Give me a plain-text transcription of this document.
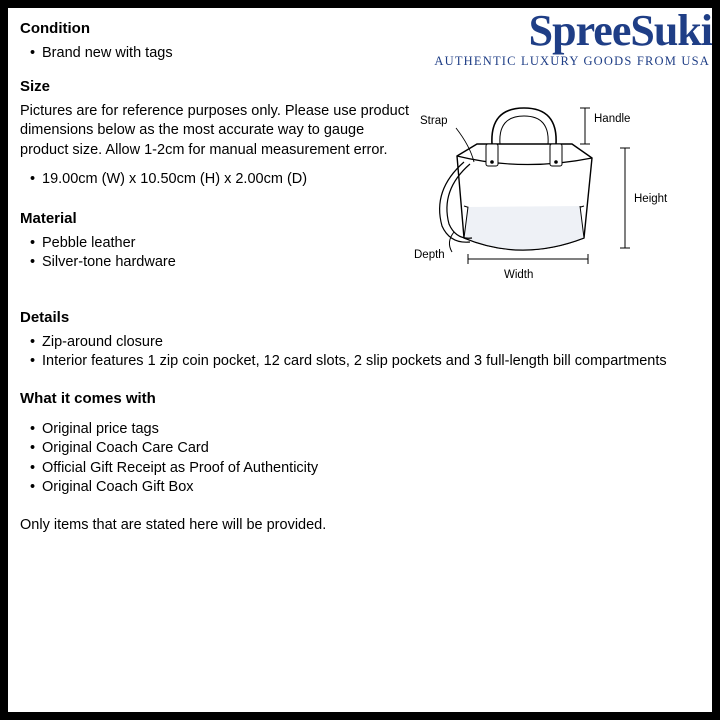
SpreeSuki
AUTHENTIC LUXURY GOODS FROM USA
Strap	Handle
Height
Depth
Width
Condition
• Brand new with tags
Size

Pictures are for reference purposes only. Please use product dimensions below as the most accurate way to gauge product size. Allow 1-2cm for manual measurement error.

• 19.00cm (W) x 10.50cm (H) x 2.00cm (D)
Material
• Pebble leather
• Silver-tone hardware
Details
• Zip-around closure
• Interior features 1 zip coin pocket, 12 card slots, 2 slip pockets and 3 full-length bill compartments
What it comes with
• Original price tags
• Original Coach Care Card
• Official Gift Receipt as Proof of Authenticity
• Original Coach Gift Box

Only items that are stated here will be provided.
